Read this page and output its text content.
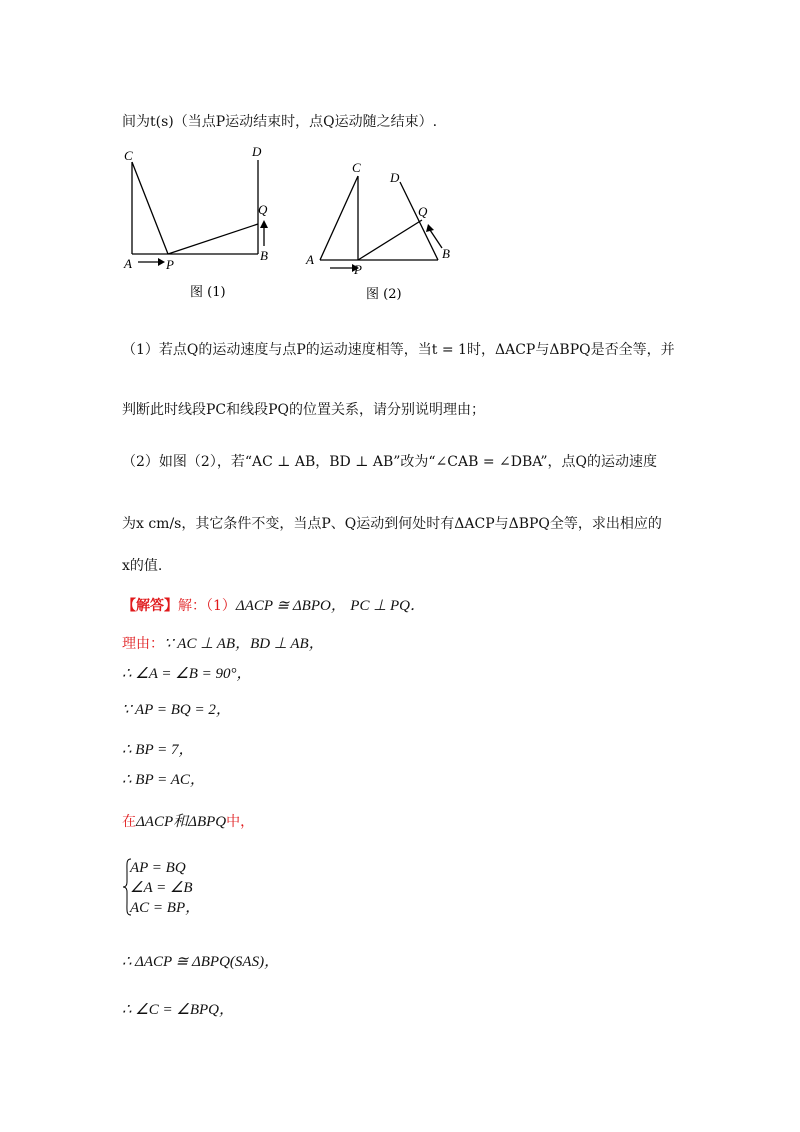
间为t(s)（当点P运动结束时，点Q运动随之结束）.
C	D
Q
A	P
B
图 (1)
C
D
Q
A
P
B
图 (2)
（1）若点Q的运动速度与点P的运动速度相等，当t = 1时，ΔACP与ΔBPQ是否全等，并
判断此时线段PC和线段PQ的位置关系，请分别说明理由；
（2）如图（2），若“AC ⊥ AB，BD ⊥ AB”改为“∠CAB = ∠DBA”，点Q的运动速度
为x cm/s，其它条件不变，当点P、Q运动到何处时有ΔACP与ΔBPQ全等，求出相应的
x的值.
【解答】解：（1）ΔACP ≅ ΔBPO， PC ⊥ PQ．
理由：∵ AC ⊥ AB，BD ⊥ AB，
∴ ∠A = ∠B = 90°，
∵ AP = BQ = 2，
∴ BP = 7，
∴ BP = AC，
在ΔACP和ΔBPQ中，
AP = BQ
∠A = ∠B
AC = BP，
∴ ΔACP ≅ ΔBPQ(SAS)，
∴ ∠C = ∠BPQ，
